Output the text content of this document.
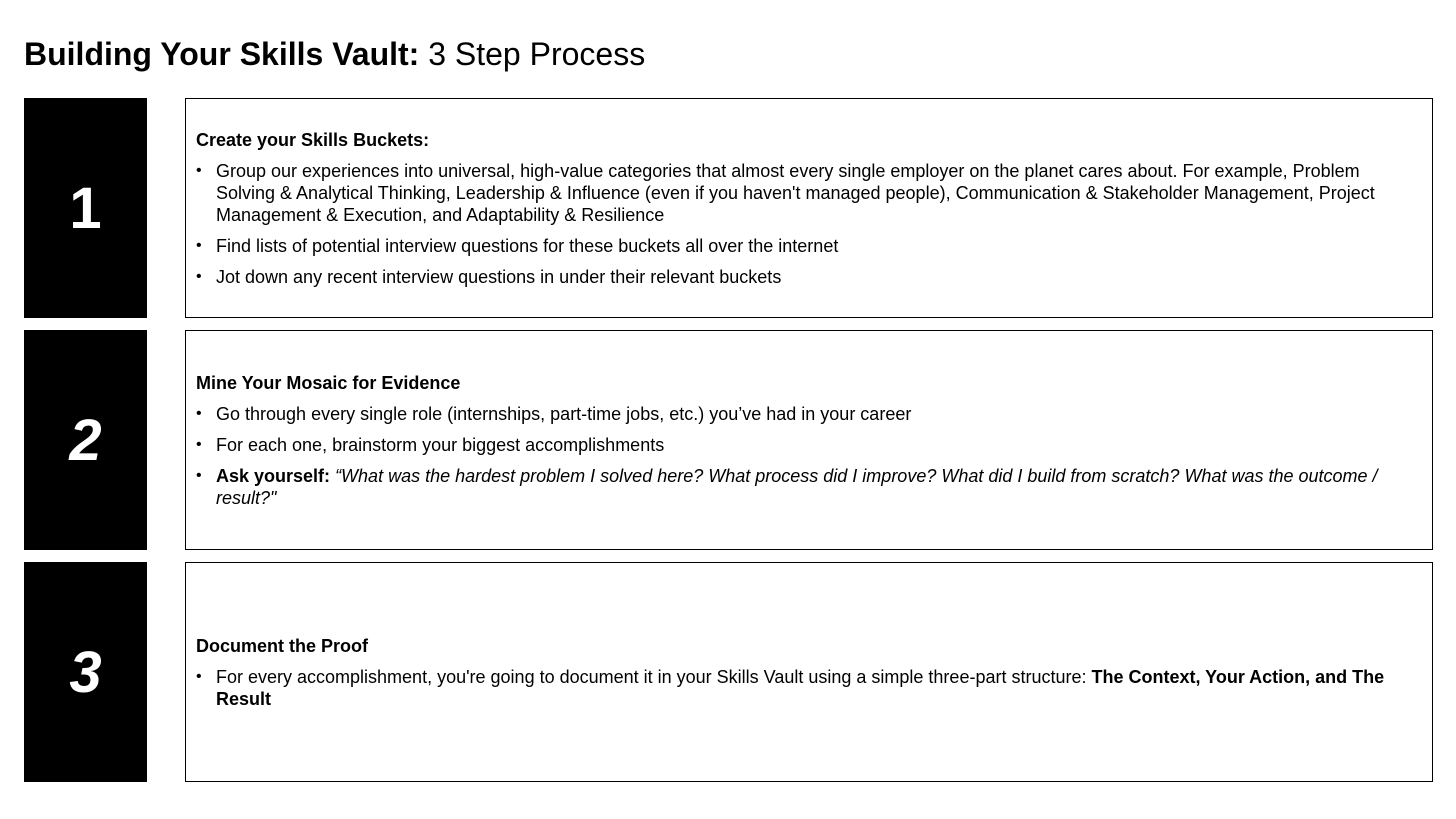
Building Your Skills Vault: 3 Step Process
1
Create your Skills Buckets:
• Group our experiences into universal, high-value categories that almost every single employer on the planet cares about. For example, Problem Solving & Analytical Thinking, Leadership & Influence (even if you haven't managed people), Communication & Stakeholder Management, Project Management & Execution, and Adaptability & Resilience
• Find lists of potential interview questions for these buckets all over the internet
• Jot down any recent interview questions in under their relevant buckets
2
Mine Your Mosaic for Evidence
• Go through every single role (internships, part-time jobs, etc.) you’ve had in your career
• For each one, brainstorm your biggest accomplishments
• Ask yourself: “What was the hardest problem I solved here? What process did I improve? What did I build from scratch? What was the outcome / result?"
3	Document the Proof
• For every accomplishment, you're going to document it in your Skills Vault using a simple three-part structure: The Context, Your Action, and The Result
